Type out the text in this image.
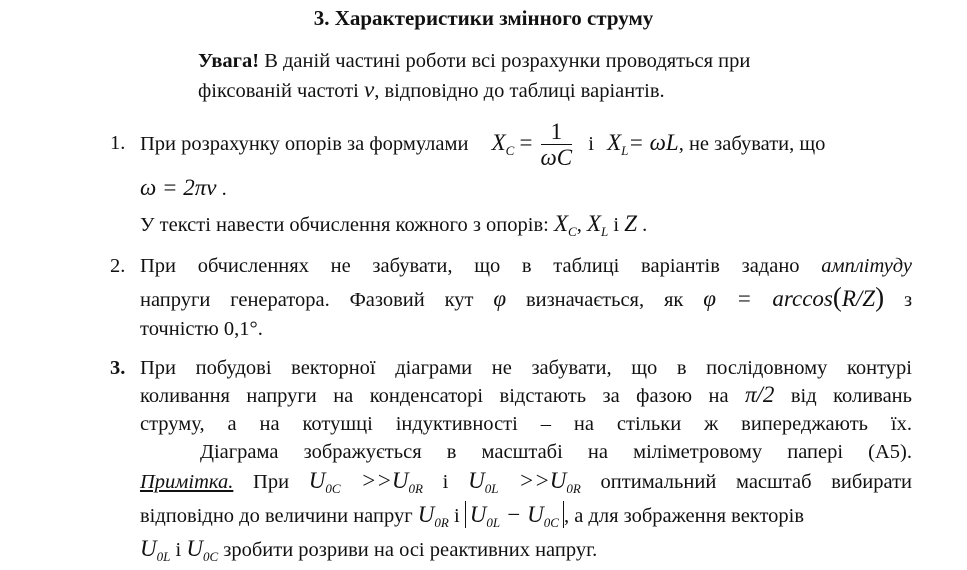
3. Характеристики змінного струму
Увага! В даній частині роботи всі розрахунки проводяться при
фіксованій частоті ν, відповідно до таблиці варіантів.
1. При розрахунку опорів за формулами $X_C = \frac{1}{\omega C}$ і $X_L= \omega L$, не забувати, що
ω = 2πν .
У тексті навести обчислення кожного з опорів: $X_C$, $X_L$ і Z .
2. При обчисленнях не забувати, що в таблиці варіантів задано амплітуду
напруги генератора. Фазовий кут φ визначається, як φ = arccos(R/Z) з
точністю 0,1°.
3. При побудові векторної діаграми не забувати, що в послідовному контурі
коливання напруги на конденсаторі відстають за фазою на π/2 від коливань
струму, а на котушці індуктивності – на стільки ж випереджають їх.
Діаграма зображується в масштабі на міліметровому папері (А5).
Примітка. При $U_{0C} >>U_{0R}$ і $U_{0L} >>U_{0R}$ оптимальний масштаб вибирати
відповідно до величини напруг $U_{0R}$ і $U_{0L} - U_{0C}$ , а для зображення векторів
$U_{0L}$ і $U_{0C}$ зробити розриви на осі реактивних напруг.
